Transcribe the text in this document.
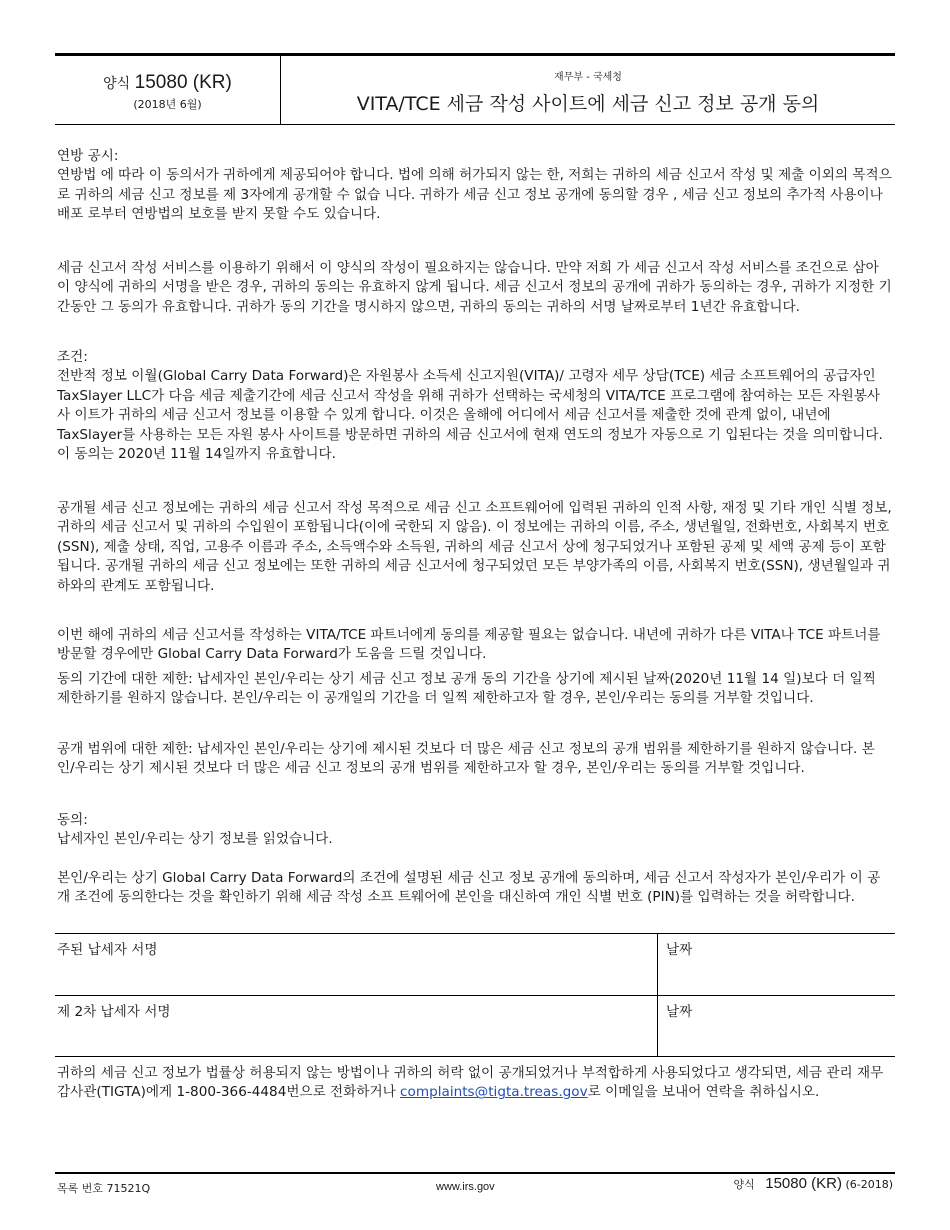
양식 15080 (KR)
(2018년 6월)
재무부 - 국세청
VITA/TCE 세금 작성 사이트에 세금 신고 정보 공개 동의

연방 공시:

연방법 에 따라 이 동의서가 귀하에게 제공되어야 합니다. 법에 의해 허가되지 않는 한, 저희는 귀하의 세금 신고서 작성 및 제출 이외의 목적으로 귀하의 세금 신고 정보를 제 3자에게 공개할 수 없습 니다. 귀하가 세금 신고 정보 공개에 동의할 경우 , 세금 신고 정보의 추가적 사용이나 배포 로부터 연방법의 보호를 받지 못할 수도 있습니다.

세금 신고서 작성 서비스를 이용하기 위해서 이 양식의 작성이 필요하지는 않습니다. 만약 저희 가 세금 신고서 작성 서비스를 조건으로 삼아 이 양식에 귀하의 서명을 받은 경우, 귀하의 동의는 유효하지 않게 됩니다. 세금 신고서 정보의 공개에 귀하가 동의하는 경우, 귀하가 지정한 기간동안 그 동의가 유효합니다. 귀하가 동의 기간을 명시하지 않으면, 귀하의 동의는 귀하의 서명 날짜로부터 1년간 유효합니다.

조건:

전반적 정보 이월(Global Carry Data Forward)은 자원봉사 소득세 신고지원(VITA)/ 고령자 세무 상담(TCE) 세금 소프트웨어의 공급자인 TaxSlayer LLC가 다음 세금 제출기간에 세금 신고서 작성을 위해 귀하가 선택하는 국세청의 VITA/TCE 프로그램에 참여하는 모든 자원봉사 사 이트가 귀하의 세금 신고서 정보를 이용할 수 있게 합니다. 이것은 올해에 어디에서 세금 신고서를 제출한 것에 관계 없이, 내년에 TaxSlayer를 사용하는 모든 자원 봉사 사이트를 방문하면 귀하의 세금 신고서에 현재 연도의 정보가 자동으로 기 입된다는 것을 의미합니다. 이 동의는 2020년 11월 14일까지 유효합니다.

공개될 세금 신고 정보에는 귀하의 세금 신고서 작성 목적으로 세금 신고 소프트웨어에 입력된 귀하의 인적 사항, 재정 및 기타 개인 식별 정보, 귀하의 세금 신고서 및 귀하의 수입원이 포함됩니다(이에 국한되 지 않음). 이 정보에는 귀하의 이름, 주소, 생년월일, 전화번호, 사회복지 번호(SSN), 제출 상태, 직업, 고용주 이름과 주소, 소득액수와 소득원, 귀하의 세금 신고서 상에 청구되었거나 포함된 공제 및 세액 공제 등이 포함됩니다. 공개될 귀하의 세금 신고 정보에는 또한 귀하의 세금 신고서에 청구되었던 모든 부양가족의 이름, 사회복지 번호(SSN), 생년월일과 귀하와의 관계도 포함됩니다.

이번 해에 귀하의 세금 신고서를 작성하는 VITA/TCE 파트너에게 동의를 제공할 필요는 없습니다. 내년에 귀하가 다른 VITA나 TCE 파트너를 방문할 경우에만 Global Carry Data Forward가 도움을 드릴 것입니다.

동의 기간에 대한 제한: 납세자인 본인/우리는 상기 세금 신고 정보 공개 동의 기간을 상기에 제시된 날짜(2020년 11월 14 일)보다 더 일찍 제한하기를 원하지 않습니다. 본인/우리는 이 공개일의 기간을 더 일찍 제한하고자 할 경우, 본인/우리는 동의를 거부할 것입니다.

공개 범위에 대한 제한: 납세자인 본인/우리는 상기에 제시된 것보다 더 많은 세금 신고 정보의 공개 범위를 제한하기를 원하지 않습니다. 본 인/우리는 상기 제시된 것보다 더 많은 세금 신고 정보의 공개 범위를 제한하고자 할 경우, 본인/우리는 동의를 거부할 것입니다.

동의:

납세자인 본인/우리는 상기 정보를 읽었습니다.

본인/우리는 상기 Global Carry Data Forward의 조건에 설명된 세금 신고 정보 공개에 동의하며, 세금 신고서 작성자가 본인/우리가 이 공개 조건에 동의한다는 것을 확인하기 위해 세금 작성 소프 트웨어에 본인을 대신하여 개인 식별 번호 (PIN)를 입력하는 것을 허락합니다.

주된 납세자 서명	날짜
제 2차 납세자 서명	날짜
귀하의 세금 신고 정보가 법률상 허용되지 않는 방법이나 귀하의 허락 없이 공개되었거나 부적합하게 사용되었다고 생각되면, 세금 관리 재무 감사관(TIGTA)에게 1-800-366-4484번으로 전화하거나 complaints@tigta.treas.gov로 이메일을 보내어 연락을 취하십시오.
목록 번호 71521Q	www.irs.gov	양식 15080 (KR) (6-2018)
